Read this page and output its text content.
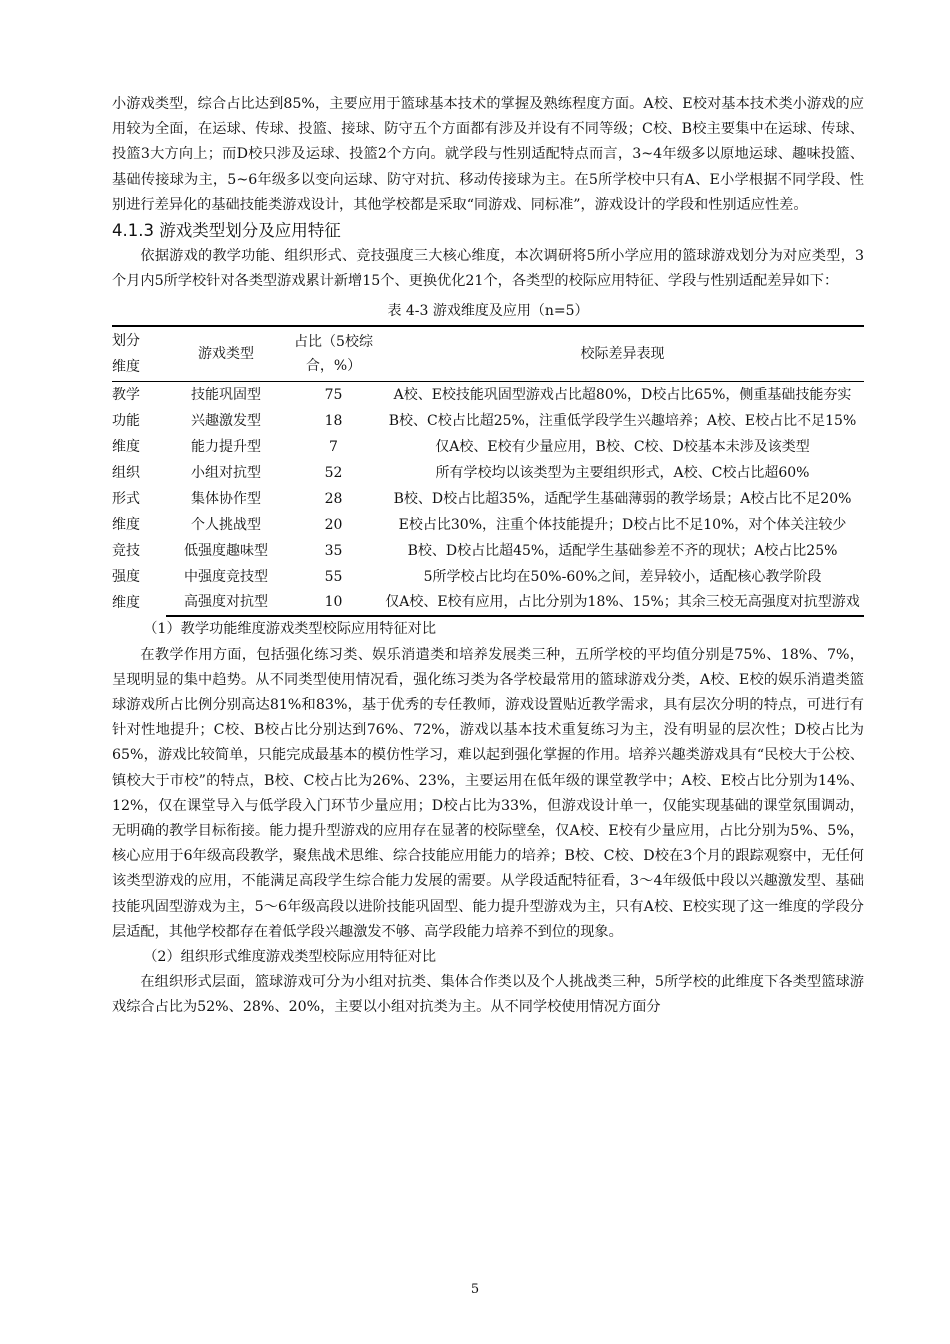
小游戏类型，综合占比达到85%，主要应用于篮球基本技术的掌握及熟练程度方面。A校、E校对基本技术类小游戏的应用较为全面，在运球、传球、投篮、接球、防守五个方面都有涉及并设有不同等级；C校、B校主要集中在运球、传球、投篮3大方向上；而D校只涉及运球、投篮2个方向。就学段与性别适配特点而言，3~4年级多以原地运球、趣味投篮、基础传接球为主，5~6年级多以变向运球、防守对抗、移动传接球为主。在5所学校中只有A、E小学根据不同学段、性别进行差异化的基础技能类游戏设计，其他学校都是采取“同游戏、同标准”，游戏设计的学段和性别适应性差。

4.1.3 游戏类型划分及应用特征

依据游戏的教学功能、组织形式、竞技强度三大核心维度，本次调研将5所小学应用的篮球游戏划分为对应类型，3个月内5所学校针对各类型游戏累计新增15个、更换优化21个，各类型的校际应用特征、学段与性别适配差异如下：

表 4-3 游戏维度及应用（n=5）
划分维度	游戏类型	占比（5校综合，%）	校际差异表现

教学功能维度	技能巩固型	75	A校、E校技能巩固型游戏占比超80%，D校占比65%，侧重基础技能夯实
	兴趣激发型	18	B校、C校占比超25%，注重低学段学生兴趣培养；A校、E校占比不足15%
	能力提升型	7	仅A校、E校有少量应用，B校、C校、D校基本未涉及该类型

组织形式维度	小组对抗型	52	所有学校均以该类型为主要组织形式，A校、C校占比超60%
	集体协作型	28	B校、D校占比超35%，适配学生基础薄弱的教学场景；A校占比不足20%
	个人挑战型	20	E校占比30%，注重个体技能提升；D校占比不足10%，对个体关注较少

竞技强度维度	低强度趣味型	35	B校、D校占比超45%，适配学生基础参差不齐的现状；A校占比25%
	中强度竞技型	55	5所学校占比均在50%-60%之间，差异较小，适配核心教学阶段
	高强度对抗型	10	仅A校、E校有应用，占比分别为18%、15%；其余三校无高强度对抗型游戏

（1）教学功能维度游戏类型校际应用特征对比

在教学作用方面，包括强化练习类、娱乐消遣类和培养发展类三种，五所学校的平均值分别是75%、18%、7%，呈现明显的集中趋势。从不同类型使用情况看，强化练习类为各学校最常用的篮球游戏分类，A校、E校的娱乐消遣类篮球游戏所占比例分别高达81%和83%，基于优秀的专任教师，游戏设置贴近教学需求，具有层次分明的特点，可进行有针对性地提升；C校、B校占比分别达到76%、72%，游戏以基本技术重复练习为主，没有明显的层次性；D校占比为65%，游戏比较简单，只能完成最基本的模仿性学习，难以起到强化掌握的作用。培养兴趣类游戏具有“民校大于公校、镇校大于市校”的特点，B校、C校占比为26%、23%，主要运用在低年级的课堂教学中；A校、E校占比分别为14%、12%，仅在课堂导入与低学段入门环节少量应用；D校占比为33%，但游戏设计单一，仅能实现基础的课堂氛围调动，无明确的教学目标衔接。能力提升型游戏的应用存在显著的校际壁垒，仅A校、E校有少量应用，占比分别为5%、5%，核心应用于6年级高段教学，聚焦战术思维、综合技能应用能力的培养；B校、C校、D校在3个月的跟踪观察中，无任何该类型游戏的应用，不能满足高段学生综合能力发展的需要。从学段适配特征看，3～4年级低中段以兴趣激发型、基础技能巩固型游戏为主，5～6年级高段以进阶技能巩固型、能力提升型游戏为主，只有A校、E校实现了这一维度的学段分层适配，其他学校都存在着低学段兴趣激发不够、高学段能力培养不到位的现象。

（2）组织形式维度游戏类型校际应用特征对比

在组织形式层面，篮球游戏可分为小组对抗类、集体合作类以及个人挑战类三种，5所学校的此维度下各类型篮球游戏综合占比为52%、28%、20%，主要以小组对抗类为主。从不同学校使用情况方面分

5
